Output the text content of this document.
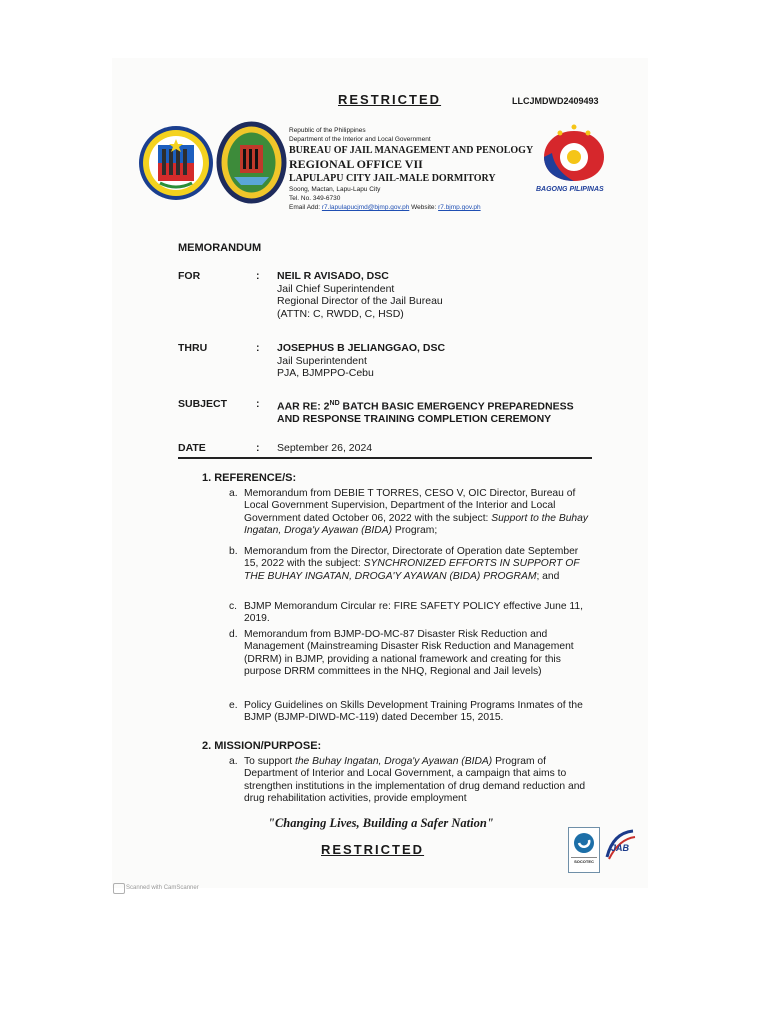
RESTRICTED	LLCJMDWD2409493
Republic of the Philippines
Department of the Interior and Local Government
BUREAU OF JAIL MANAGEMENT AND PENOLOGY
REGIONAL OFFICE VII
LAPULAPU CITY JAIL-MALE DORMITORY
Soong, Mactan, Lapu-Lapu City
Tel. No. 349-6730
Email Add: r7.lapulapucjmd@bjmp.gov.ph Website: r7.bjmp.gov.ph
BAGONG PILIPINAS
MEMORANDUM
FOR	: NEIL R AVISADO, DSC
Jail Chief Superintendent
Regional Director of the Jail Bureau
(ATTN: C, RWDD, C, HSD)
THRU	: JOSEPHUS B JELIANGGAO, DSC
Jail Superintendent
PJA, BJMPPO-Cebu
SUBJECT	: AAR RE: 2ND BATCH BASIC EMERGENCY PREPAREDNESS
AND RESPONSE TRAINING COMPLETION CEREMONY
DATE	: September 26, 2024
1. REFERENCE/S:
a. Memorandum from DEBIE T TORRES, CESO V, OIC Director, Bureau of Local Government Supervision, Department of the Interior and Local Government dated October 06, 2022 with the subject: Support to the Buhay Ingatan, Droga'y Ayawan (BIDA) Program;
b. Memorandum from the Director, Directorate of Operation date September 15, 2022 with the subject: SYNCHRONIZED EFFORTS IN SUPPORT OF THE BUHAY INGATAN, DROGA'Y AYAWAN (BIDA) PROGRAM; and
c. BJMP Memorandum Circular re: FIRE SAFETY POLICY effective June 11, 2019.
d. Memorandum from BJMP-DO-MC-87 Disaster Risk Reduction and Management (Mainstreaming Disaster Risk Reduction and Management (DRRM) in BJMP, providing a national framework and creating for this purpose DRRM committees in the NHQ, Regional and Jail levels)
e. Policy Guidelines on Skills Development Training Programs Inmates of the BJMP (BJMP-DIWD-MC-119) dated December 15, 2015.
2. MISSION/PURPOSE:
a. To support the Buhay Ingatan, Droga'y Ayawan (BIDA) Program of Department of Interior and Local Government, a campaign that aims to strengthen institutions in the implementation of drug demand reduction and drug rehabilitation activities, provide employment
"Changing Lives, Building a Safer Nation"
RESTRICTED
SOCOTEC
JAB
Scanned with CamScanner
